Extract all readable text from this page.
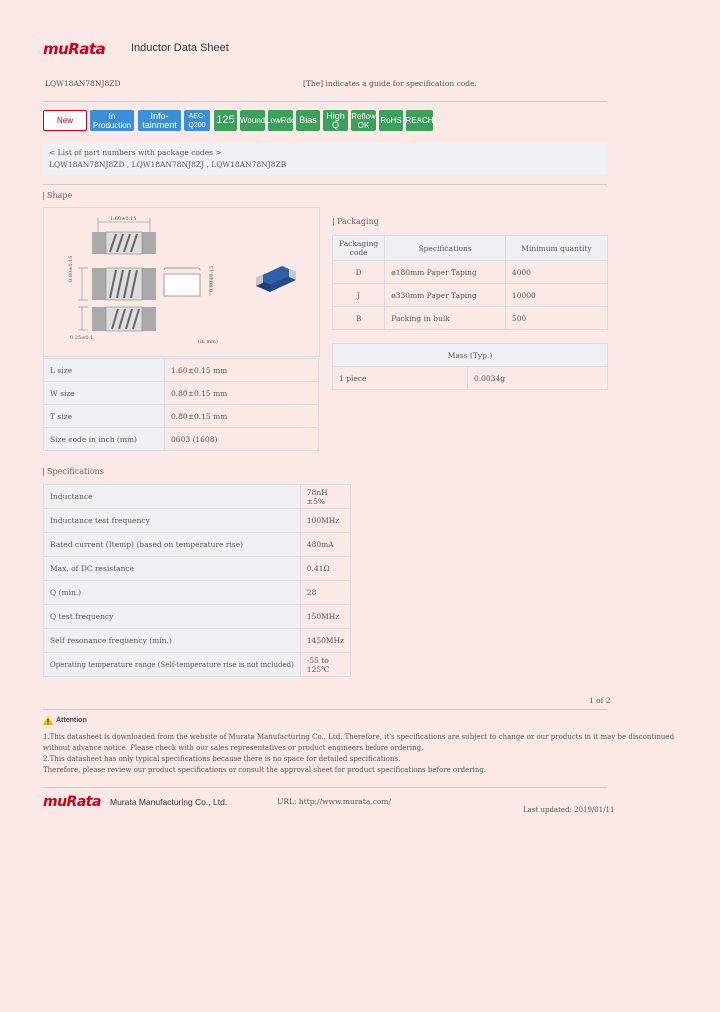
muRata Inductor Data Sheet
LQW18AN78NJ8ZD	[The] indicates a guide for specification code.
New	In Production
Info-tainment
AEC-Q200 125 Wound LowRdc Bias	High Q
Reflow OK	RoHS REACH
< List of part numbers with package codes >
LQW18AN78NJ8ZD , LQW18AN78NJ8ZJ , LQW18AN78NJ8ZB
Shape
1.60±0.15
0.80±0.15	0.80±0.15
0.25±0.1
(in mm)
L size	1.60±0.15 mm
W size	0.80±0.15 mm
T size	0.80±0.15 mm
Size code in inch (mm)	0603 (1608)
Packaging
Packaging code	Specifications	Minimum quantity
D	ø180mm Paper Taping	4000
J	ø330mm Paper Taping	10000
B	Packing in bulk	500
Mass (Typ.)
1 piece	0.0034g
Specifications
Inductance	78nH ±5%
Inductance test frequency	100MHz
Rated current (Itemp) (based on temperature rise)	480mA
Max. of DC resistance	0.41Ω
Q (min.)	28
Q test frequency	150MHz
Self resonance frequency (min.)	1450MHz
Operating temperature range (Self-temperature rise is not included)	-55 to 125℃
1 of 2
Attention
1.This datasheet is downloaded from the website of Murata Manufacturing Co., Ltd. Therefore, it's specifications are subject to change or our products in it may be discontinued
without advance notice. Please check with our sales representatives or product engineers before ordering.
2.This datasheet has only typical specifications because there is no space for detailed specifications.
Therefore, please review our product specifications or consult the approval sheet for product specifications before ordering.
muRata Murata Manufacturing Co., Ltd.	URL: http://www.murata.com/
Last updated: 2019/01/11
